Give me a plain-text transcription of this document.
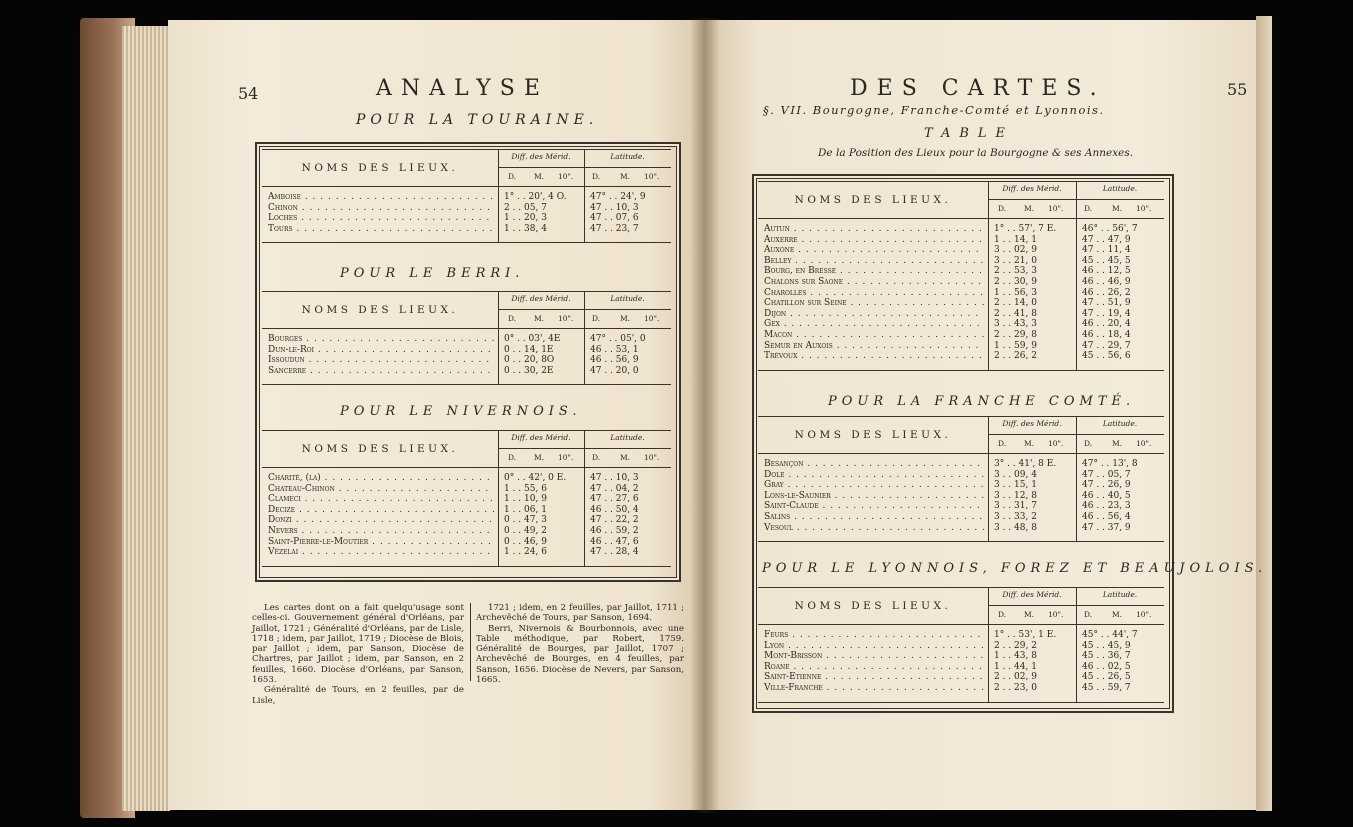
54	ANALYSE
POUR LA TOURAINE.
NOMS DES LIEUX.
Diff. des Mérid.	Latitude.
D. M. 10". D.	M. 10".
Amboise . . .	1° . . 20', 4 O.	47° . . 24', 9
Chinon . . .	2 . . 05, 7	47 . . 10, 3
Loches . . .	1 . . 20, 3	47 . . 07, 6
Tours . . .	1 . . 38, 4	47 . . 23, 7
POUR LE BERRI.
NOMS DES LIEUX.
Diff. des Mérid.	Latitude.
D. M. 10". D.	M. 10".
Bourges . . .	0° . . 03', 4E	47° . . 05', 0
Dun-le-Roi . . .	0 . . 14, 1E	46 . . 53, 1
Issoudun . . .	0 . . 20, 8O	46 . . 56, 9
Sancerre . . .	0 . . 30, 2E	47 . . 20, 0
POUR LE NIVERNOIS.
NOMS DES LIEUX.
Diff. des Mérid.	Latitude.
D. M. 10". D.	M. 10".
Charité, (la) . . .	0° . . 42', 0 E.	47 . . 10, 3
Chateau-Chinon . . .	1 . . 55, 6	47 . . 04, 2
Clameci . . .	1 . . 10, 9	47 . . 27, 6
Decize . . .	1 . . 06, 1	46 . . 50, 4
Donzi . . .	0 . . 47, 3	47 . . 22, 2
Nevers . . .	0 . . 49, 2	46 . . 59, 2
Saint-Pierre-le-Moutier . . .	0 . . 46, 9	46 . . 47, 6
Vézelai . . .	1 . . 24, 6	47 . . 28, 4

Les cartes dont on a fait quelqu'usage sont celles-ci. Gouvernement général d'Orléans, par Jaillot, 1721 ; Généralité d'Orléans, par de Lisle, 1718 ; idem, par Jaillot, 1719 ; Diocèse de Blois, par Jaillot ; idem, par Sanson, Diocèse de Chartres, par Jaillot ; idem, par Sanson, en 2 feuilles, 1660. Diocèse d'Orléans, par Sanson, 1653.

Généralité de Tours, en 2 feuilles, par de Lisle,

1721 ; idem, en 2 feuilles, par Jaillot, 1711 ; Archevêché de Tours, par Sanson, 1694.

Berri, Nivernois & Bourbonnois, avec une Table méthodique, par Robert, 1759. Généralité de Bourges, par Jaillot, 1707 ; Archevêché de Bourges, en 4 feuilles, par Sanson, 1656. Diocèse de Nevers, par Sanson, 1665.

DES CARTES.	55
§. VII. Bourgogne, Franche-Comté et Lyonnois.
TABLE
De la Position des Lieux pour la Bourgogne & ses Annexes.
NOMS DES LIEUX.
Diff. des Mérid.	Latitude.
D. M. 10".	D.	M. 10".
Autun . . .	1° . . 57', 7 E.	46° . . 56', 7
Auxerre . . .	1 . . 14, 1	47 . . 47, 9
Auxone . . .	3 . . 02, 9	47 . . 11, 4
Belley . . .	3 . . 21, 0	45 . . 45, 5
Bourg, en Bresse . . .	2 . . 53, 3	46 . . 12, 5
Chalons sur Saone . . .	2 . . 30, 9	46 . . 46, 9
Charolles . . .	1 . . 56, 3	46 . . 26, 2
Chatillon sur Seine . . .	2 . . 14, 0	47 . . 51, 9
Dijon . . .	2 . . 41, 8	47 . . 19, 4
Gex . . .	3 . . 43, 3	46 . . 20, 4
Macon . . .	2 . . 29, 8	46 . . 18, 4
Semur en Auxois . . .	1 . . 59, 9	47 . . 29, 7
Trévoux . . .	2 . . 26, 2	45 . . 56, 6
POUR LA FRANCHE COMTÉ.
NOMS DES LIEUX.
Diff. des Mérid.	Latitude.
D. M. 10".	D.	M. 10".
Besançon . . .	3° . . 41', 8 E.	47° . . 13', 8
Dole . . .	3 . . 09, 4	47 . . 05, 7
Gray . . .	3 . . 15, 1	47 . . 26, 9
Lons-le-Saunier . . .	3 . . 12, 8	46 . . 40, 5
Saint-Claude . . .	3 . . 31, 7	46 . . 23, 3
Salins . . .	3 . . 33, 2	46 . . 56, 4
Vesoul . . .	3 . . 48, 8	47 . . 37, 9
POUR LE LYONNOIS, FOREZ ET BEAUJOLOIS.
NOMS DES LIEUX.
Diff. des Mérid.	Latitude.
D. M. 10".	D.	M. 10".
Feurs . . .	1° . . 53', 1 E.	45° . . 44', 7
Lyon . . .	2 . . 29, 2	45 . . 45, 9
Mont-Brisson . . .	1 . . 43, 8	45 . . 36, 7
Roane . . .	1 . . 44, 1	46 . . 02, 5
Saint-Etienne . . .	2 . . 02, 9	45 . . 26, 5
Ville-Franche . . .	2 . . 23, 0	45 . . 59, 7
